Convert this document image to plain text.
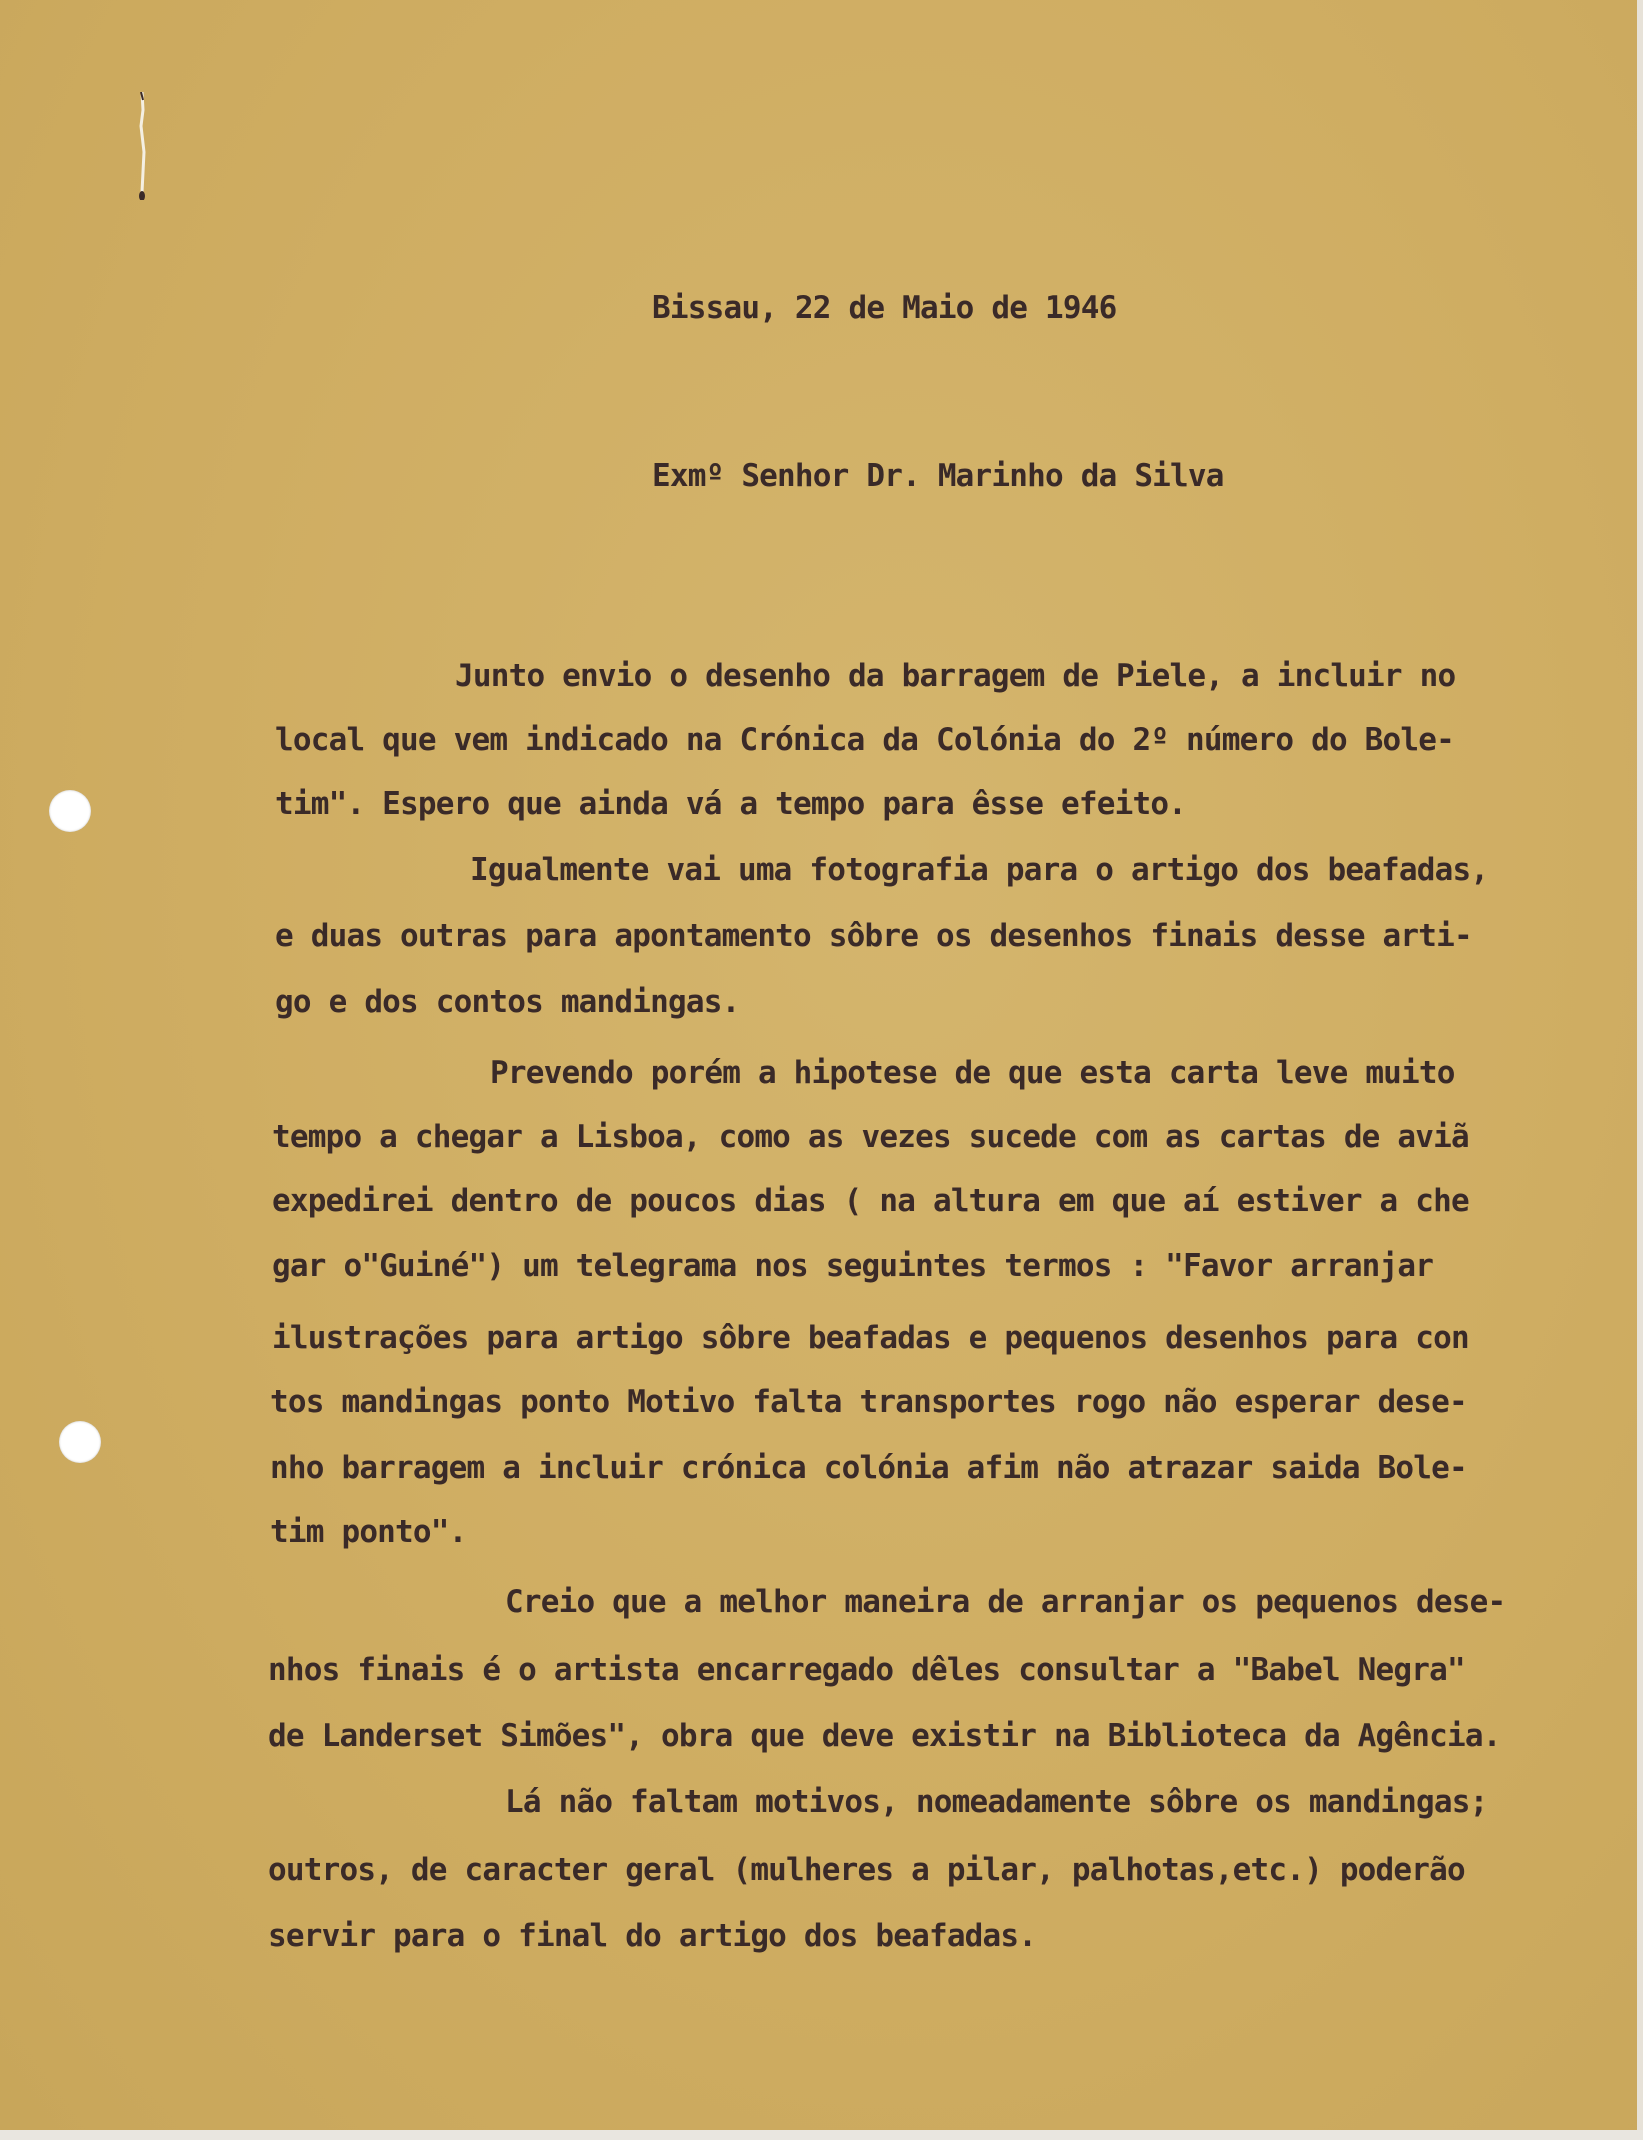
Bissau, 22 de Maio de 1946
Exmº Senhor Dr. Marinho da Silva

Junto envio o desenho da barragem de Piele, a incluir no

local que vem indicado na Crónica da Colónia do 2º número do Bole-

tim". Espero que ainda vá a tempo para êsse efeito.

Igualmente vai uma fotografia para o artigo dos beafadas,

e duas outras para apontamento sôbre os desenhos finais desse arti-

go e dos contos mandingas.

Prevendo porém a hipotese de que esta carta leve muito

tempo a chegar a Lisboa, como as vezes sucede com as cartas de aviã

expedirei dentro de poucos dias ( na altura em que aí estiver a che

gar o"Guiné") um telegrama nos seguintes termos : "Favor arranjar

ilustrações para artigo sôbre beafadas e pequenos desenhos para con

tos mandingas ponto Motivo falta transportes rogo não esperar dese-

nho barragem a incluir crónica colónia afim não atrazar saida Bole-

tim ponto".

Creio que a melhor maneira de arranjar os pequenos dese-

nhos finais é o artista encarregado dêles consultar a "Babel Negra"

de Landerset Simões", obra que deve existir na Biblioteca da Agência.

Lá não faltam motivos, nomeadamente sôbre os mandingas;

outros, de caracter geral (mulheres a pilar, palhotas,etc.) poderão

servir para o final do artigo dos beafadas.
